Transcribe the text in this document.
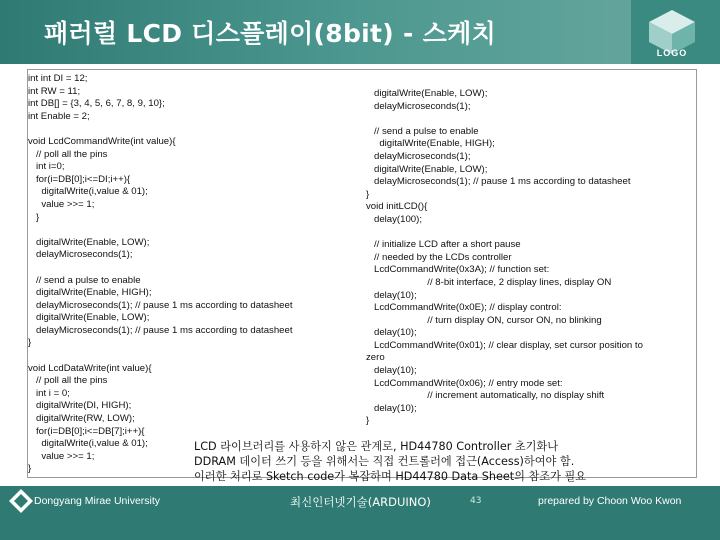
패러럴 LCD 디스플레이(8bit) - 스케치
LOGO
int int DI = 12;
int RW = 11;
int DB[] = {3, 4, 5, 6, 7, 8, 9, 10};
int Enable = 2;
void LcdCommandWrite(int value){
// poll all the pins
int i=0;
for(i=DB[0];i<=DI;i++){
digitalWrite(i,value & 01);
value >>= 1;
}
digitalWrite(Enable, LOW);
delayMicroseconds(1);
// send a pulse to enable
digitalWrite(Enable, HIGH);
delayMicroseconds(1); // pause 1 ms according to datasheet
digitalWrite(Enable, LOW);
delayMicroseconds(1); // pause 1 ms according to datasheet
}
void LcdDataWrite(int value){
// poll all the pins
int i = 0;
digitalWrite(DI, HIGH);
digitalWrite(RW, LOW);
for(i=DB[0];i<=DB[7];i++){
digitalWrite(i,value & 01);
value >>= 1;
}
digitalWrite(Enable, LOW);
delayMicroseconds(1);
// send a pulse to enable
digitalWrite(Enable, HIGH);
delayMicroseconds(1);
digitalWrite(Enable, LOW);
delayMicroseconds(1); // pause 1 ms according to datasheet
}
void initLCD(){
delay(100);
// initialize LCD after a short pause
// needed by the LCDs controller
LcdCommandWrite(0x3A); // function set:
// 8-bit interface, 2 display lines, display ON
delay(10);
LcdCommandWrite(0x0E); // display control:
// turn display ON, cursor ON, no blinking
delay(10);
LcdCommandWrite(0x01); // clear display, set cursor position to
zero
delay(10);
LcdCommandWrite(0x06); // entry mode set:
// increment automatically, no display shift
delay(10);
}
LCD 라이브러리를 사용하지 않은 관계로, HD44780 Controller 초기화나
DDRAM 데이터 쓰기 등을 위해서는 직접 컨트롤러에 접근(Access)하여야 함.
이러한 처리로 Sketch code가 복잡하며 HD44780 Data Sheet의 참조가 필요
Dongyang Mirae University	최신인터넷기술(ARDUINO)	43	prepared by Choon Woo Kwon
